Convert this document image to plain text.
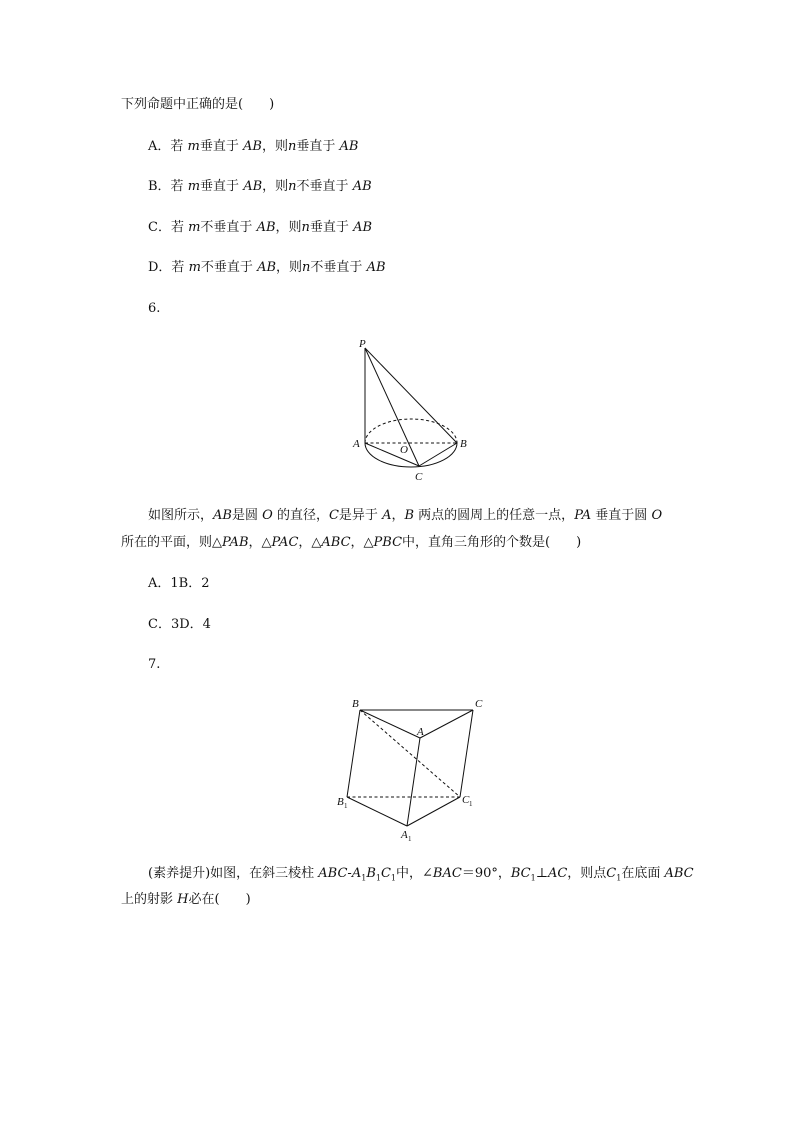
下列命题中正确的是(　　)
A．若 m垂直于 AB，则n垂直于 AB
B．若 m垂直于 AB，则n不垂直于 AB
C．若 m不垂直于 AB，则n垂直于 AB
D．若 m不垂直于 AB，则n不垂直于 AB
6.
P
A	B
O
C
如图所示，AB是圆 O 的直径，C是异于 A，B 两点的圆周上的任意一点，PA 垂直于圆 O
所在的平面，则△PAB，△PAC，△ABC，△PBC中，直角三角形的个数是(　　)
A．1B．2
C．3D．4
7.
B	C
A
B 1	C 1
A 1
(素养提升)如图，在斜三棱柱 ABC-$A_1B_1C_1$中，∠BAC＝90°，$BC_1\perp AC$，则点$C_1$在底面 ABC
上的射影 H必在(　　)
